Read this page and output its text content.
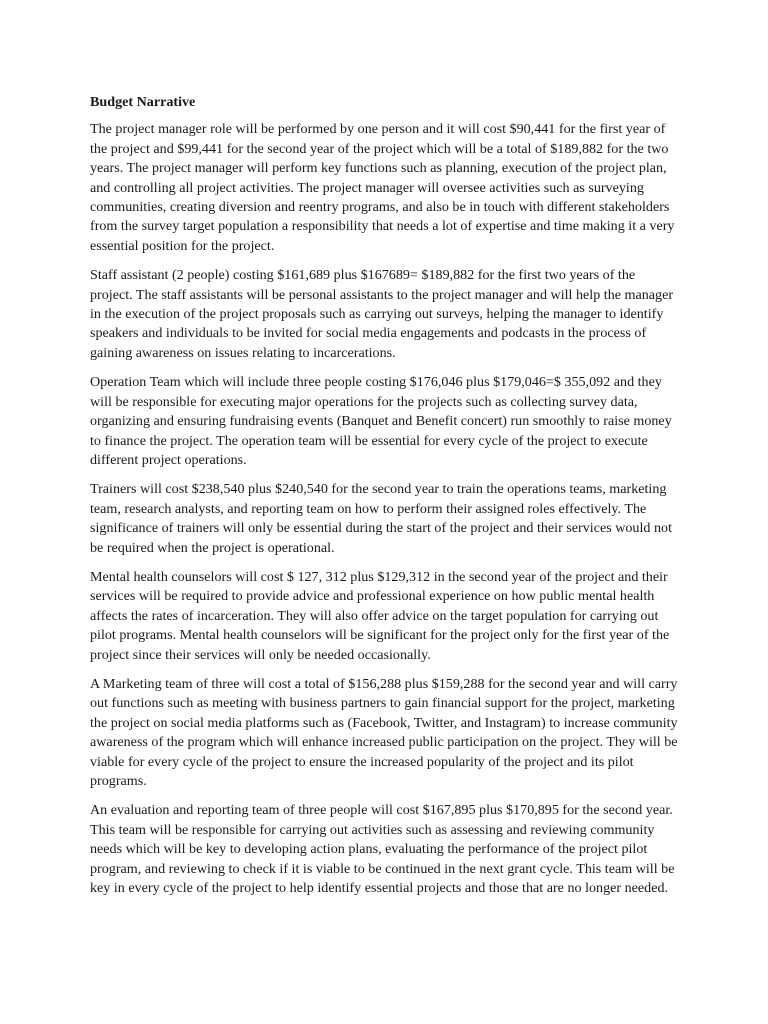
Budget Narrative

The project manager role will be performed by one person and it will cost $90,441 for the first year of the project and $99,441 for the second year of the project which will be a total of $189,882 for the two years. The project manager will perform key functions such as planning, execution of the project plan, and controlling all project activities. The project manager will oversee activities such as surveying communities, creating diversion and reentry programs, and also be in touch with different stakeholders from the survey target population a responsibility that needs a lot of expertise and time making it a very essential position for the project.

Staff assistant (2 people) costing $161,689 plus $167689= $189,882 for the first two years of the project. The staff assistants will be personal assistants to the project manager and will help the manager in the execution of the project proposals such as carrying out surveys, helping the manager to identify speakers and individuals to be invited for social media engagements and podcasts in the process of gaining awareness on issues relating to incarcerations.

Operation Team which will include three people costing $176,046 plus $179,046=$ 355,092 and they will be responsible for executing major operations for the projects such as collecting survey data, organizing and ensuring fundraising events (Banquet and Benefit concert) run smoothly to raise money to finance the project. The operation team will be essential for every cycle of the project to execute different project operations.

Trainers will cost $238,540 plus $240,540 for the second year to train the operations teams, marketing team, research analysts, and reporting team on how to perform their assigned roles effectively. The significance of trainers will only be essential during the start of the project and their services would not be required when the project is operational.

Mental health counselors will cost $ 127, 312 plus $129,312 in the second year of the project and their services will be required to provide advice and professional experience on how public mental health affects the rates of incarceration. They will also offer advice on the target population for carrying out pilot programs. Mental health counselors will be significant for the project only for the first year of the project since their services will only be needed occasionally.

A Marketing team of three will cost a total of $156,288 plus $159,288 for the second year and will carry out functions such as meeting with business partners to gain financial support for the project, marketing the project on social media platforms such as (Facebook, Twitter, and Instagram) to increase community awareness of the program which will enhance increased public participation on the project. They will be viable for every cycle of the project to ensure the increased popularity of the project and its pilot programs.

An evaluation and reporting team of three people will cost $167,895 plus $170,895 for the second year. This team will be responsible for carrying out activities such as assessing and reviewing community needs which will be key to developing action plans, evaluating the performance of the project pilot program, and reviewing to check if it is viable to be continued in the next grant cycle. This team will be key in every cycle of the project to help identify essential projects and those that are no longer needed.
